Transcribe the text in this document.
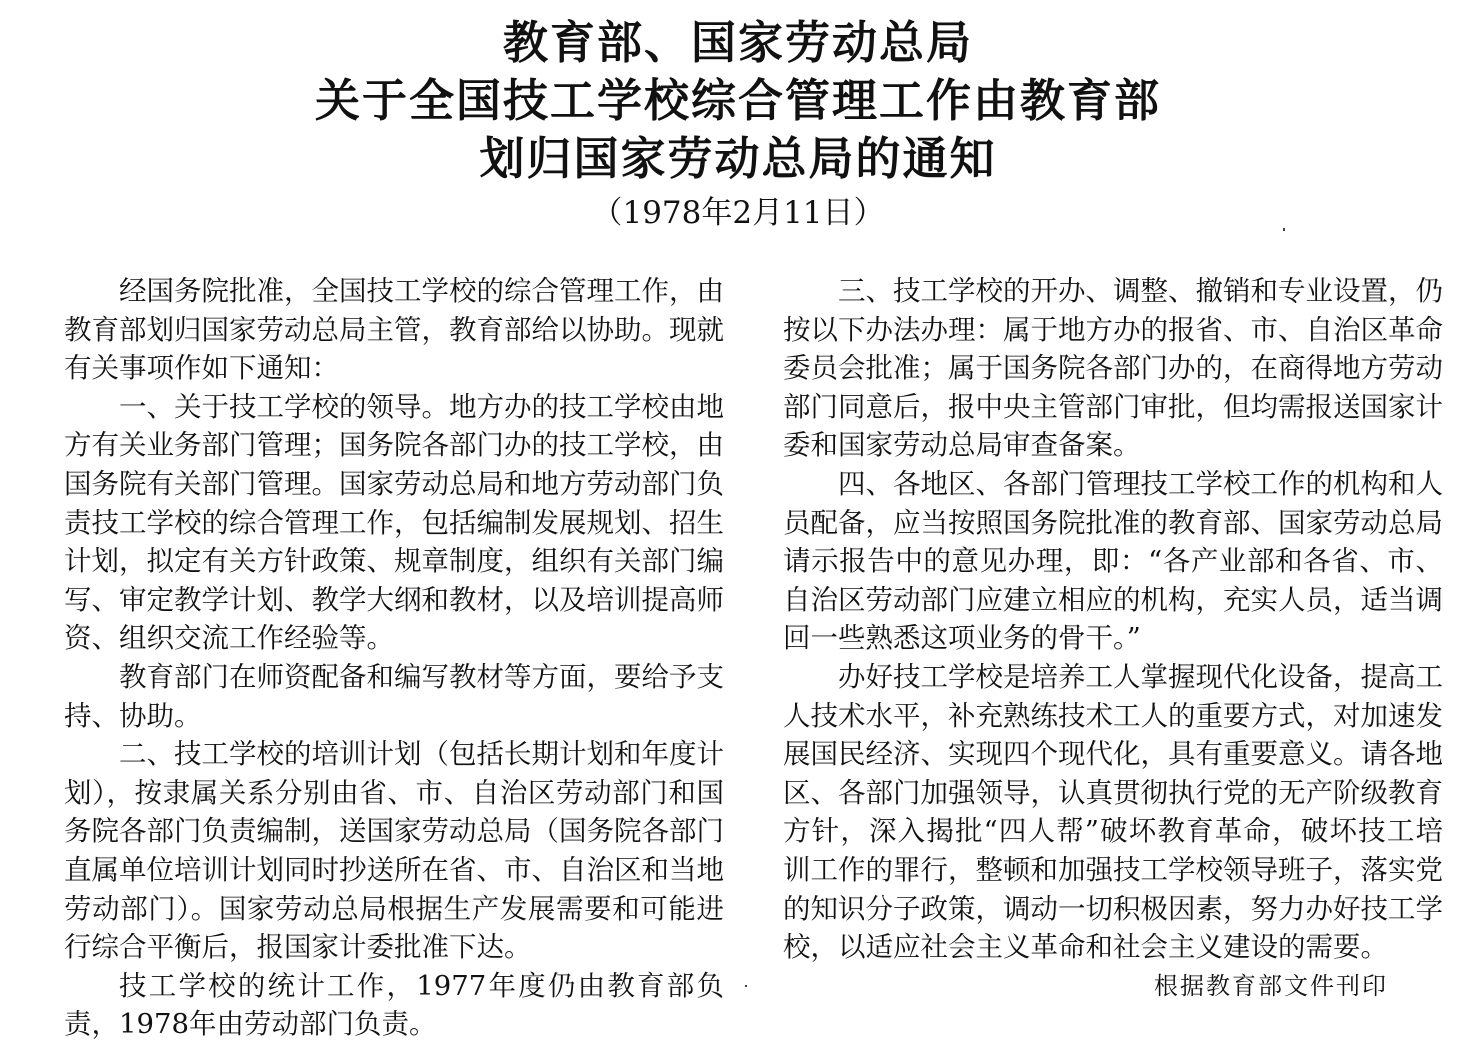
教育部、国家劳动总局
关于全国技工学校综合管理工作由教育部
划归国家劳动总局的通知
（1978年2月11日）

经国务院批准，全国技工学校的综合管理工作，由教育部划归国家劳动总局主管，教育部给以协助。现就有关事项作如下通知：

一、关于技工学校的领导。地方办的技工学校由地方有关业务部门管理；国务院各部门办的技工学校，由国务院有关部门管理。国家劳动总局和地方劳动部门负责技工学校的综合管理工作，包括编制发展规划、招生计划，拟定有关方针政策、规章制度，组织有关部门编写、审定教学计划、教学大纲和教材，以及培训提高师资、组织交流工作经验等。

教育部门在师资配备和编写教材等方面，要给予支持、协助。

二、技工学校的培训计划（包括长期计划和年度计划），按隶属关系分别由省、市、自治区劳动部门和国务院各部门负责编制，送国家劳动总局（国务院各部门直属单位培训计划同时抄送所在省、市、自治区和当地劳动部门）。国家劳动总局根据生产发展需要和可能进行综合平衡后，报国家计委批准下达。

技工学校的统计工作，1977年度仍由教育部负责，1978年由劳动部门负责。

三、技工学校的开办、调整、撤销和专业设置，仍按以下办法办理：属于地方办的报省、市、自治区革命委员会批准；属于国务院各部门办的，在商得地方劳动部门同意后，报中央主管部门审批，但均需报送国家计委和国家劳动总局审查备案。

四、各地区、各部门管理技工学校工作的机构和人员配备，应当按照国务院批准的教育部、国家劳动总局请示报告中的意见办理，即：“各产业部和各省、市、自治区劳动部门应建立相应的机构，充实人员，适当调回一些熟悉这项业务的骨干。”

办好技工学校是培养工人掌握现代化设备，提高工人技术水平，补充熟练技术工人的重要方式，对加速发展国民经济、实现四个现代化，具有重要意义。请各地区、各部门加强领导，认真贯彻执行党的无产阶级教育方针，深入揭批“四人帮”破坏教育革命，破坏技工培训工作的罪行，整顿和加强技工学校领导班子，落实党的知识分子政策，调动一切积极因素，努力办好技工学校，以适应社会主义革命和社会主义建设的需要。

根据教育部文件刊印
